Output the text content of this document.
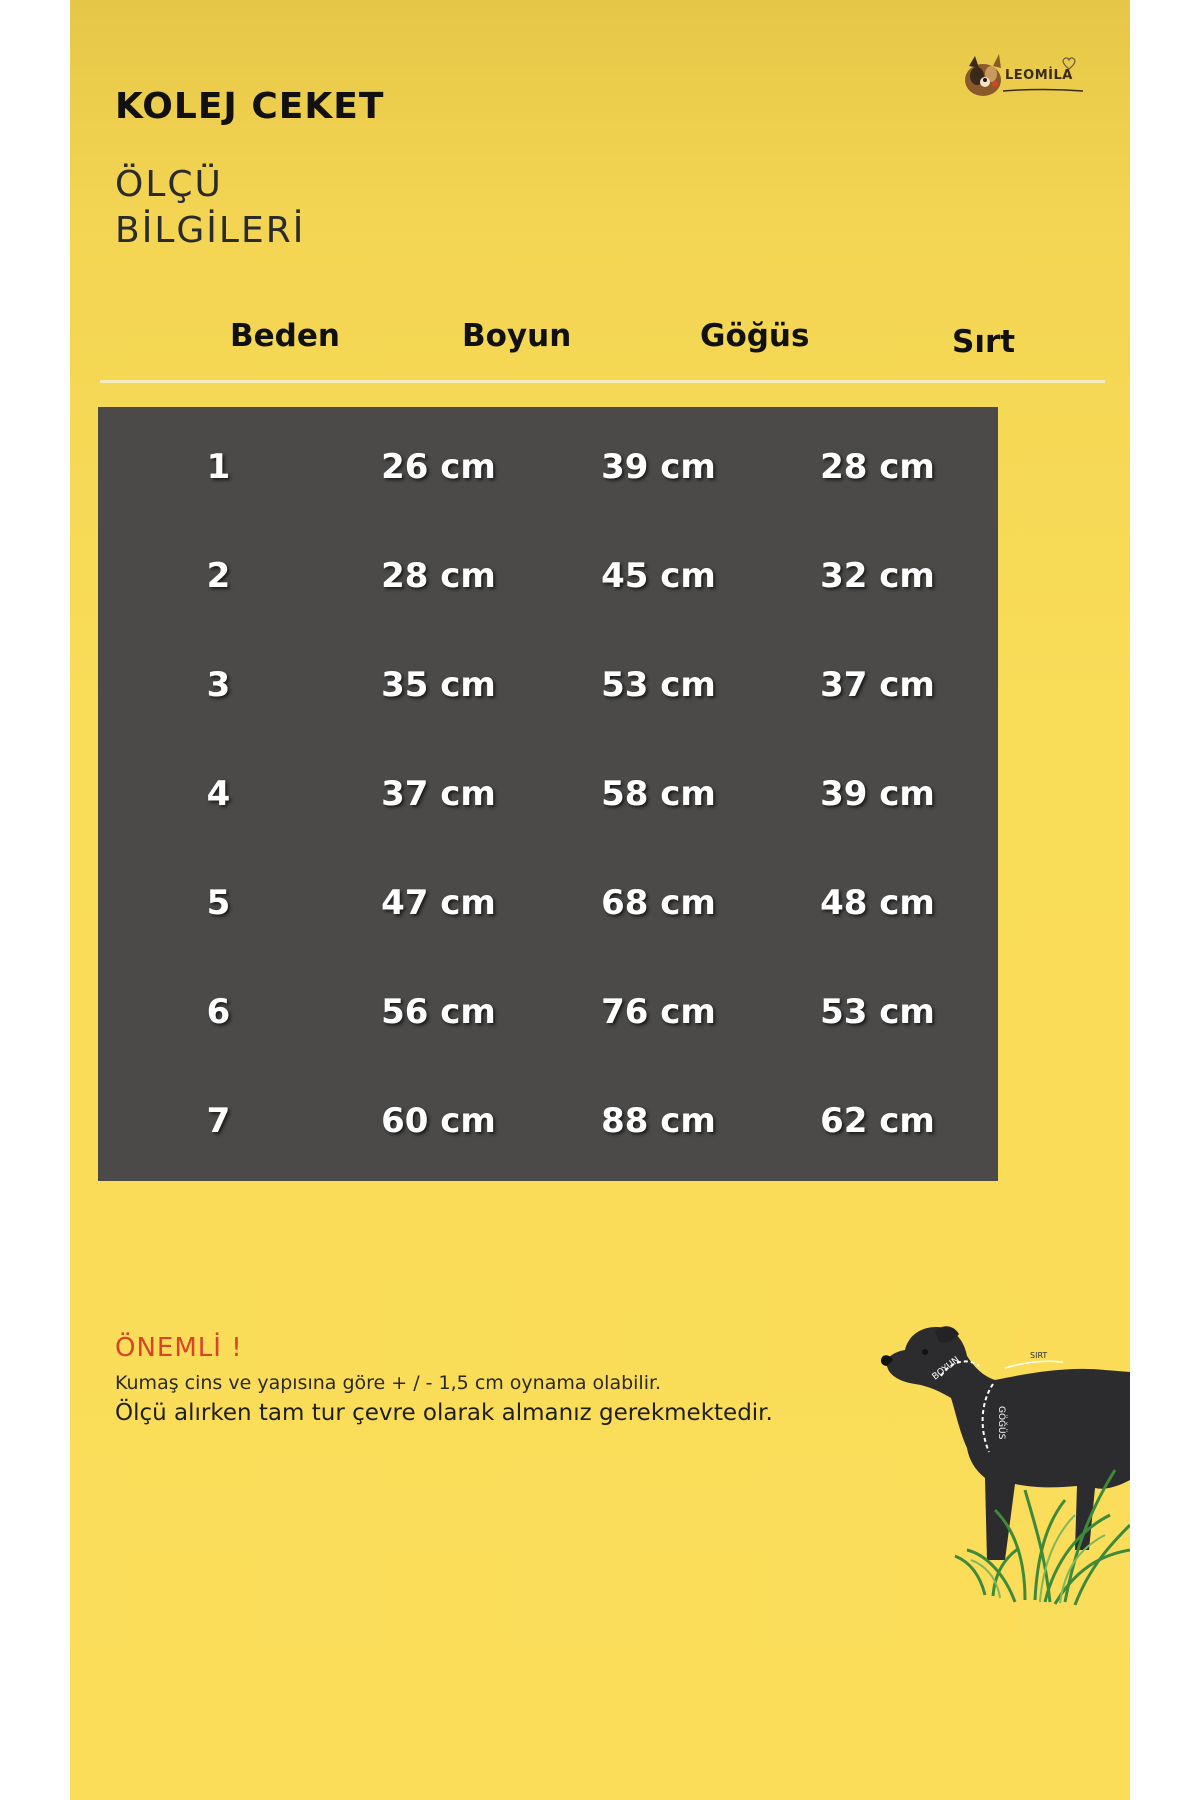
KOLEJ CEKET
ÖLÇÜ
BİLGİLERİ
LEOMİLA
Beden	Boyun	Göğüs	Sırt
1	26 cm	39 cm	28 cm
2	28 cm	45 cm	32 cm
3	35 cm	53 cm	37 cm
4	37 cm	58 cm	39 cm
5	47 cm	68 cm	48 cm
6	56 cm	76 cm	53 cm
7	60 cm	88 cm	62 cm
ÖNEMLİ !
Kumaş cins ve yapısına göre + / - 1,5 cm oynama olabilir.
Ölçü alırken tam tur çevre olarak almanız gerekmektedir.
BOYUN	SIRT
GÖĞÜS
